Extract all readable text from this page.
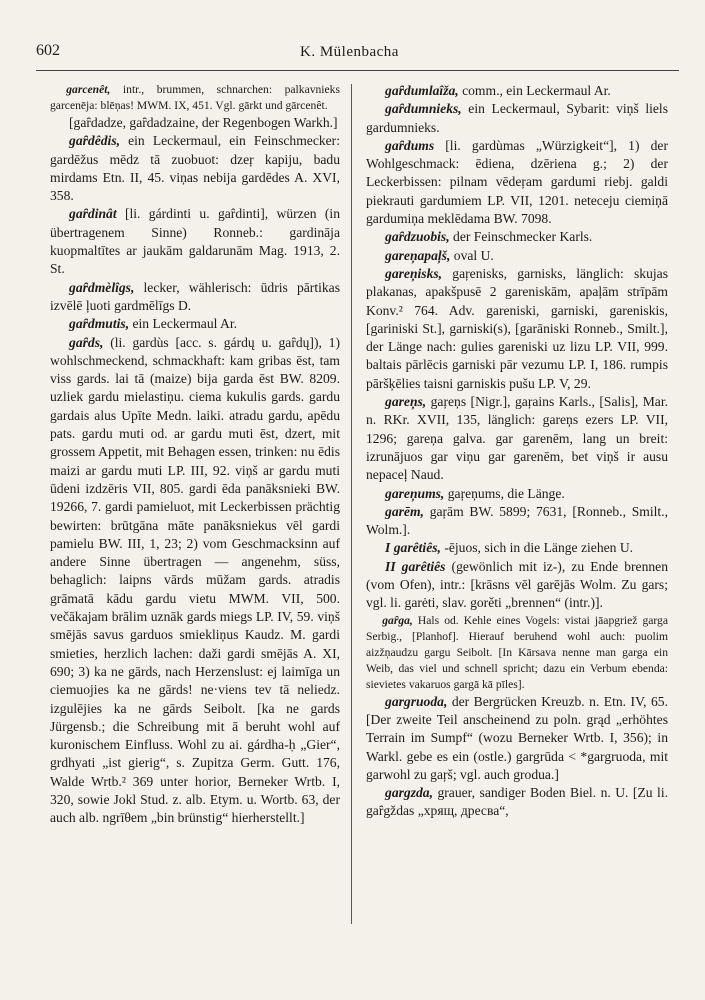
602	K. Mülenbacha

garcenêt, intr., brummen, schnarchen: palkavnieks garcenēja: blēņas! MWM. IX, 451. Vgl. gārkt und gārcenêt.

[gaȓdadze, gaȓdadzaine, der Regenbogen Warkh.]

gaȓdêdis, ein Leckermaul, ein Feinschmecker: gardēžus mēdz tā zuobuot: dzeŗ kapiju, badu mirdams Etn. II, 45. viņas nebija gardēdes A. XVI, 358.

gaȓdinât [li. gárdinti u. gaȓdinti], würzen (in übertragenem Sinne) Ronneb.: gardināja kuopmaltītes ar jaukām galdarunām Mag. 1913, 2. St.

gaȓdmèlîgs, lecker, wählerisch: ūdris pārtikas izvēlē ļuoti gardmēlīgs D.

gaȓdmutis, ein Leckermaul Ar.

gaȓds, (li. gardùs [acc. s. gárdų u. gaȓdų]), 1) wohlschmeckend, schmackhaft: kam gribas ēst, tam viss gards. lai tā (maize) bija garda ēst BW. 8209. uzliek gardu mielastiņu. ciema kukulis gards. gardu gardais alus Upīte Medn. laiki. atradu gardu, apēdu pats. gardu muti od. ar gardu muti ēst, dzert, mit grossem Appetit, mit Behagen essen, trinken: nu ēdis maizi ar gardu muti LP. III, 92. viņš ar gardu muti ūdeni izdzēris VII, 805. gardi ēda panāksnieki BW. 19266, 7. gardi pamieluot, mit Leckerbissen prächtig bewirten: brūtgāna māte panāksniekus vēl gardi pamielu BW. III, 1, 23; 2) vom Geschmacksinn auf andere Sinne übertragen — angenehm, süss, behaglich: laipns vārds mūžam gards. atradis grāmatā kādu gardu vietu MWM. VII, 500. večākajam brālim uznāk gards miegs LP. IV, 59. viņš smējās savus garduos smiekliņus Kaudz. M. gardi smieties, herzlich lachen: daži gardi smējās A. XI, 690; 3) ka ne gārds, nach Herzenslust: ej laimīga un ciemuojies ka ne gārds! ne·viens tev tā neliedz. izgulējies ka ne gārds Seibolt. [ka ne gards Jürgensb.; die Schreibung mit ā beruht wohl auf kuronischem Einfluss. Wohl zu ai. gárdha-ḥ „Gier“, grdhyati „ist gierig“, s. Zupitza Germ. Gutt. 176, Walde Wrtb.² 369 unter horior, Berneker Wrtb. I, 320, sowie Jokl Stud. z. alb. Etym. u. Wortb. 63, der auch alb. ngrīθem „bin brünstig“ hierherstellt.]

gaȓdumlaîža, comm., ein Leckermaul Ar.

gaȓdumnieks, ein Leckermaul, Sybarit: viņš liels gardumnieks.

gaȓdums [li. gardùmas „Würzigkeit“], 1) der Wohlgeschmack: ēdiena, dzēriena g.; 2) der Leckerbissen: pilnam vēdeŗam gardumi riebj. galdi piekrauti gardumiem LP. VII, 1201. neteceju ciemiņā gardumiņa meklēdama BW. 7098.

gaȓdzuobis, der Feinschmecker Karls.

gareņapaļš, oval U.

gareņisks, gaŗenisks, garnisks, länglich: skujas plakanas, apakšpusē 2 gareniskām, apaļām strīpām Konv.² 764. Adv. gareniski, garniski, gareniskis, [gariniski St.], garniski(s), [garāniski Ronneb., Smilt.], der Länge nach: gulies gareniski uz lizu LP. VII, 999. baltais pārlēcis garniski pār vezumu LP. I, 186. rumpis pāršķēlies taisni garniskis pušu LP. V, 29.

gareņs, gaŗeņs [Nigr.], gaŗains Karls., [Salis], Mar. n. RKr. XVII, 135, länglich: gareņs ezers LP. VII, 1296; gareņa galva. gar garenēm, lang un breit: izrunājuos gar viņu gar garenēm, bet viņš ir ausu nepaceļ Naud.

gareņums, gaŗeņums, die Länge.

garēm, gaŗām BW. 5899; 7631, [Ronneb., Smilt., Wolm.].

I garêtiês, -ējuos, sich in die Länge ziehen U.

II garêtiês (gewönlich mit iz-), zu Ende brennen (vom Ofen), intr.: [krāsns vēl garējās Wolm. Zu gars; vgl. li. garėti, slav. gorěti „brennen“ (intr.)].

gaȓga, Hals od. Kehle eines Vogels: vistai jāapgriež garga Serbig., [Planhof]. Hierauf beruhend wohl auch: puolim aizžņaudzu gargu Seibolt. [In Kārsava nenne man garga ein Weib, das viel und schnell spricht; dazu ein Verbum ebenda: sievietes vakaruos gargā kā pīles].

gargruoda, der Bergrücken Kreuzb. n. Etn. IV, 65. [Der zweite Teil anscheinend zu poln. grąd „erhöhtes Terrain im Sumpf“ (wozu Berneker Wrtb. I, 356); in Warkl. gebe es ein (ostle.) gargrūda < *gargruoda, mit garwohl zu gaŗš; vgl. auch groduа.]

gargzda, grauer, sandiger Boden Biel. n. U. [Zu li. gaȓgždas „хрящ, дресва“,
